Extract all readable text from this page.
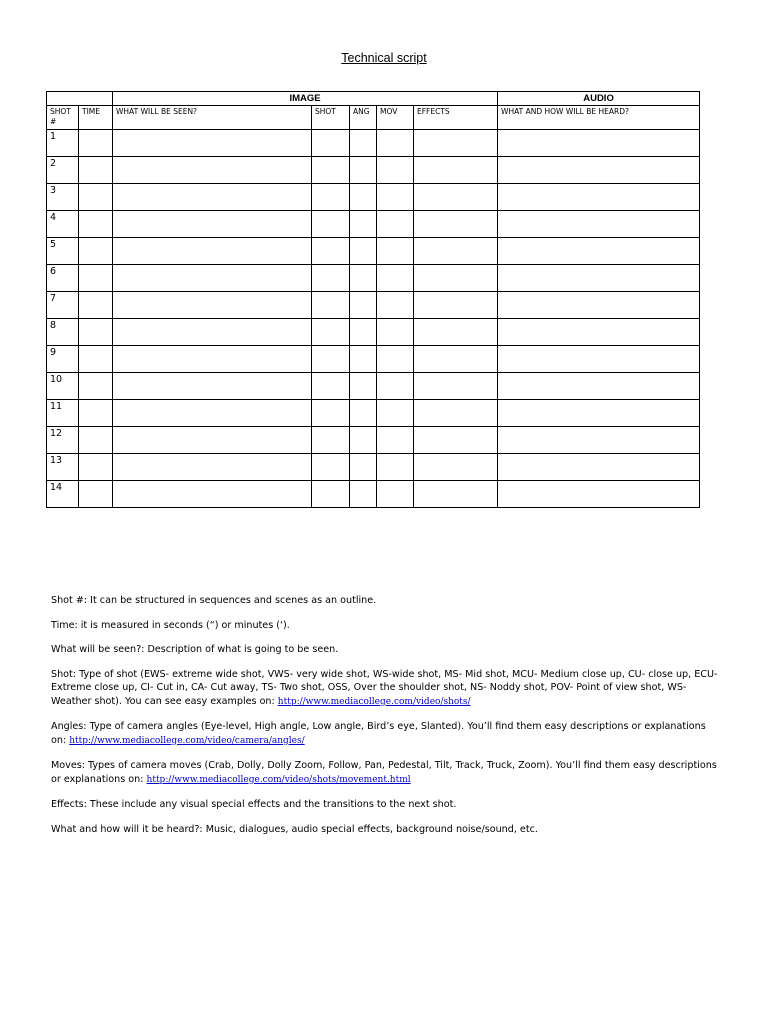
Technical script
		IMAGE					AUDIO
SHOT #	TIME	WHAT WILL BE SEEN?	SHOT	ANG	MOV	EFFECTS	WHAT AND HOW WILL BE HEARD?
1							
2							
3							
4							
5							
6							
7							
8							
9							
10							
11							
12							
13							
14							

Shot #: It can be structured in sequences and scenes as an outline.

Time: it is measured in seconds (“) or minutes (‘).

What will be seen?: Description of what is going to be seen.

Shot: Type of shot (EWS- extreme wide shot, VWS- very wide shot, WS-wide shot, MS- Mid shot, MCU- Medium close up, CU- close up, ECU- Extreme close up, CI- Cut in, CA- Cut away, TS- Two shot, OSS, Over the shoulder shot, NS- Noddy shot, POV- Point of view shot, WS-Weather shot). You can see easy examples on: http://www.mediacollege.com/video/shots/

Angles: Type of camera angles (Eye-level, High angle, Low angle, Bird’s eye, Slanted). You’ll find them easy descriptions or explanations on: http://www.mediacollege.com/video/camera/angles/

Moves: Types of camera moves (Crab, Dolly, Dolly Zoom, Follow, Pan, Pedestal, Tilt, Track, Truck, Zoom). You’ll find them easy descriptions or explanations on: http://www.mediacollege.com/video/shots/movement.html

Effects: These include any visual special effects and the transitions to the next shot.

What and how will it be heard?: Music, dialogues, audio special effects, background noise/sound, etc.
